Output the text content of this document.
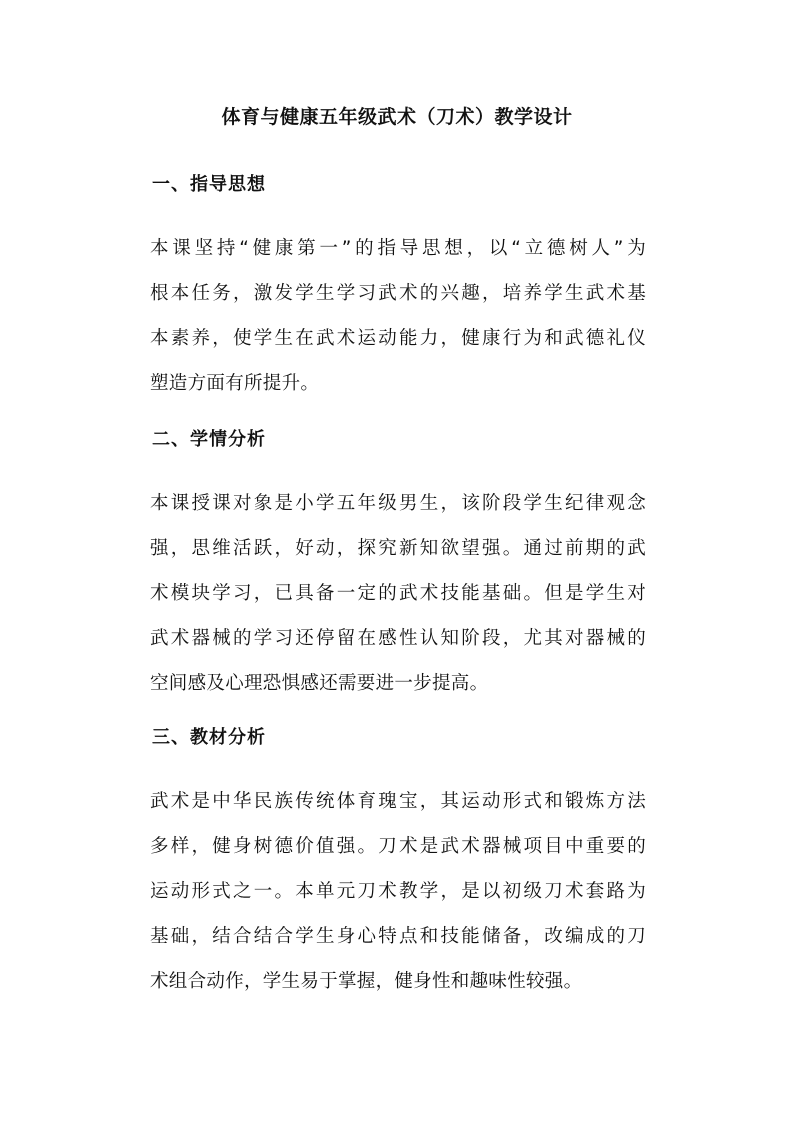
体育与健康五年级武术（刀术）教学设计
一、指导思想
本课坚持“健康第一”的指导思想，以“立德树人”为
根本任务，激发学生学习武术的兴趣，培养学生武术基
本素养，使学生在武术运动能力，健康行为和武德礼仪
塑造方面有所提升。
二、学情分析
本课授课对象是小学五年级男生，该阶段学生纪律观念
强，思维活跃，好动，探究新知欲望强。通过前期的武
术模块学习，已具备一定的武术技能基础。但是学生对
武术器械的学习还停留在感性认知阶段，尤其对器械的
空间感及心理恐惧感还需要进一步提高。
三、教材分析
武术是中华民族传统体育瑰宝，其运动形式和锻炼方法
多样，健身树德价值强。刀术是武术器械项目中重要的
运动形式之一。本单元刀术教学，是以初级刀术套路为
基础，结合结合学生身心特点和技能储备，改编成的刀
术组合动作，学生易于掌握，健身性和趣味性较强。
